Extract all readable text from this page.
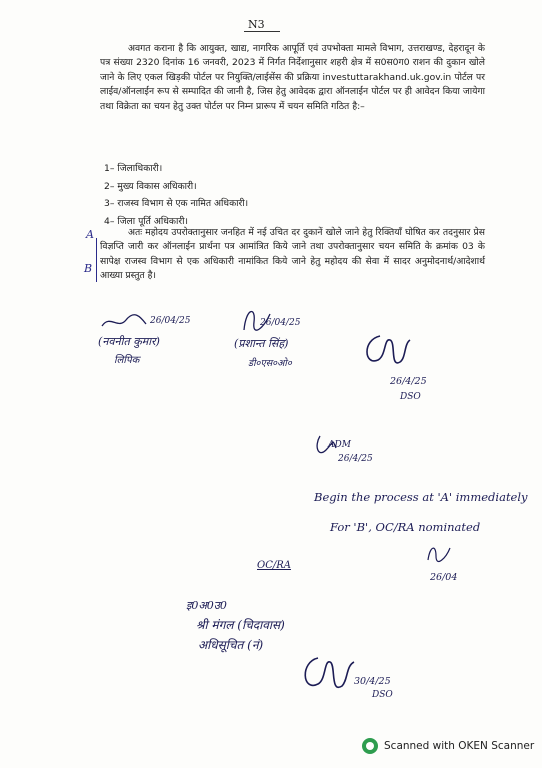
N3
अवगत कराना है कि आयुक्त, खाद्य, नागरिक आपूर्ति एवं उपभोक्ता मामले विभाग, उत्तराखण्ड, देहरादून के पत्र संख्या 2320 दिनांक 16 जनवरी, 2023 में निर्गत निर्देशानुसार शहरी क्षेत्र में स0स0ग0 राशन की दुकान खोले जाने के लिए एकल खिड़की पोर्टल पर नियुक्ति/लाईसेंस की प्रक्रिया investuttarakhand.uk.gov.in पोर्टल पर लाईव/ऑनलाईन रूप से सम्पादित की जानी है, जिस हेतु आवेदक द्वारा ऑनलाईन पोर्टल पर ही आवेदन किया जायेगा तथा विक्रेता का चयन हेतु उक्त पोर्टल पर निम्न प्रारूप में चयन समिति गठित है:–
1– जिलाधिकारी।
2– मुख्य विकास अधिकारी।
3– राजस्व विभाग से एक नामित अधिकारी।
4– जिला पूर्ति अधिकारी।
अतः महोदय उपरोक्तानुसार जनहित में नई उचित दर दुकानें खोले जाने हेतु रिक्तियाँ घोषित कर तदनुसार प्रेस विज्ञप्ति जारी कर ऑनलाईन प्रार्थना पत्र आमांत्रित किये जाने तथा उपरोक्तानुसार चयन समिति के क्रमांक 03 के सापेक्ष राजस्व विभाग से एक अधिकारी नामांकित किये जाने हेतु महोदय की सेवा में सादर अनुमोदनार्थ/आदेशार्थ आख्या प्रस्तुत है।
A
B
26/04/25
(नवनीत कुमार)
लिपिक
26/04/25
(प्रशान्त सिंह)
डी०एस०ओ०
26/4/25
DSO
ADM
26/4/25
Begin the process at 'A' immediately
For 'B', OC/RA nominated
26/04
OC/RA
इ0अ0उ0
श्री मंगल (चिदावास)
अधिसूचित (नं)
30/4/25
DSO
Scanned with OKEN Scanner
